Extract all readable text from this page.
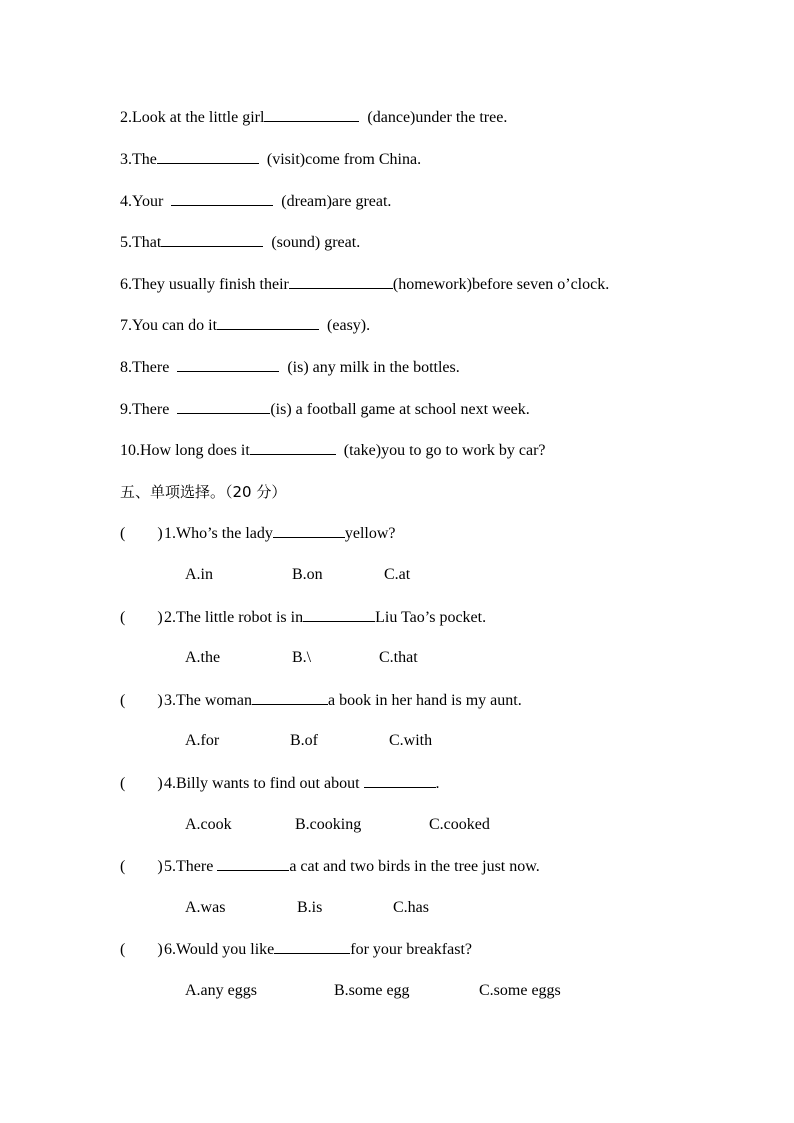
2.Look at the little girl	(dance)under the tree.
3.The	(visit)come from China.
4.Your	(dream)are great.
5.That	(sound) great.
6.They usually finish their	(homework)before seven o’clock.
7.You can do it	(easy).
8.There	(is) any milk in the bottles.
9.There	(is) a football game at school next week.
10.How long does it	(take)you to go to work by car?
五、单项选择。（20 分）
( )1.Who’s the lady	yellow?
A.in	B.on	C.at
( )2.The little robot is in	Liu Tao’s pocket.
A.the	B.\	C.that
( )3.The woman	a book in her hand is my aunt.
A.for	B.of	C.with
( )4.Billy wants to find out about	.
A.cook	B.cooking	C.cooked
( )5.There	a cat and two birds in the tree just now.
A.was	B.is	C.has
( )6.Would you like	for your breakfast?
A.any eggs	B.some egg	C.some eggs
